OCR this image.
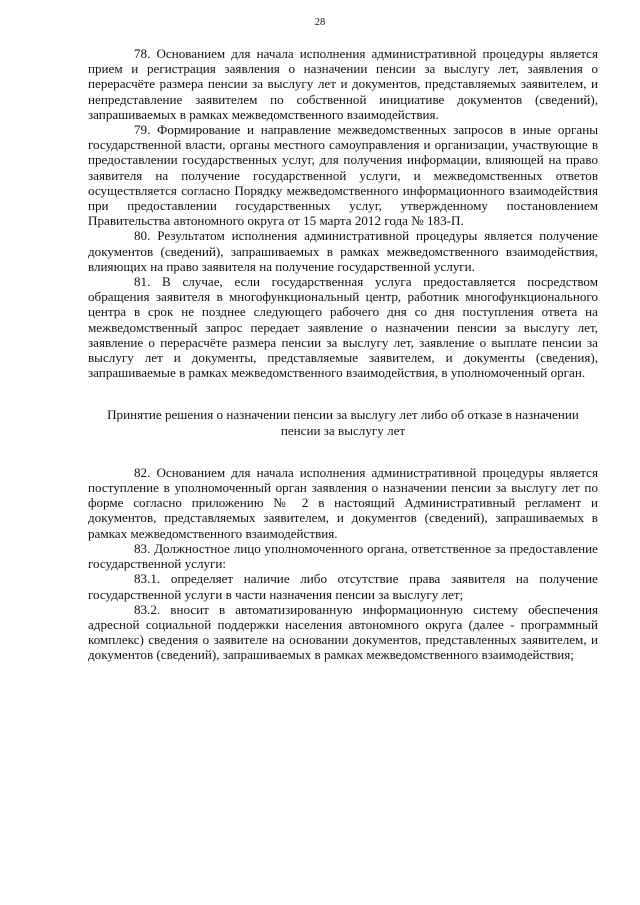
28

78. Основанием для начала исполнения административной процедуры является прием и регистрация заявления о назначении пенсии за выслугу лет, заявления о перерасчёте размера пенсии за выслугу лет и документов, представляемых заявителем, и непредставление заявителем по собственной инициативе документов (сведений), запрашиваемых в рамках межведомственного взаимодействия.

79. Формирование и направление межведомственных запросов в иные органы государственной власти, органы местного самоуправления и организации, участвующие в предоставлении государственных услуг, для получения информации, влияющей на право заявителя на получение государственной услуги, и межведомственных ответов осуществляется согласно Порядку межведомственного информационного взаимодействия при предоставлении государственных услуг, утвержденному постановлением Правительства автономного округа от 15 марта 2012 года № 183-П.

80. Результатом исполнения административной процедуры является получение документов (сведений), запрашиваемых в рамках межведомственного взаимодействия, влияющих на право заявителя на получение государственной услуги.

81. В случае, если государственная услуга предоставляется посредством обращения заявителя в многофункциональный центр, работник многофункционального центра в срок не позднее следующего рабочего дня со дня поступления ответа на межведомственный запрос передает заявление о назначении пенсии за выслугу лет, заявление о перерасчёте размера пенсии за выслугу лет, заявление о выплате пенсии за выслугу лет и документы, представляемые заявителем, и документы (сведения), запрашиваемые в рамках межведомственного взаимодействия, в уполномоченный орган.

Принятие решения о назначении пенсии за выслугу лет либо об отказе в назначении пенсии за выслугу лет

82. Основанием для начала исполнения административной процедуры является поступление в уполномоченный орган заявления о назначении пенсии за выслугу лет по форме согласно приложению № 2 в настоящий Административный регламент и документов, представляемых заявителем, и документов (сведений), запрашиваемых в рамках межведомственного взаимодействия.

83. Должностное лицо уполномоченного органа, ответственное за предоставление государственной услуги:

83.1. определяет наличие либо отсутствие права заявителя на получение государственной услуги в части назначения пенсии за выслугу лет;

83.2. вносит в автоматизированную информационную систему обеспечения адресной социальной поддержки населения автономного округа (далее - программный комплекс) сведения о заявителе на основании документов, представленных заявителем, и документов (сведений), запрашиваемых в рамках межведомственного взаимодействия;
